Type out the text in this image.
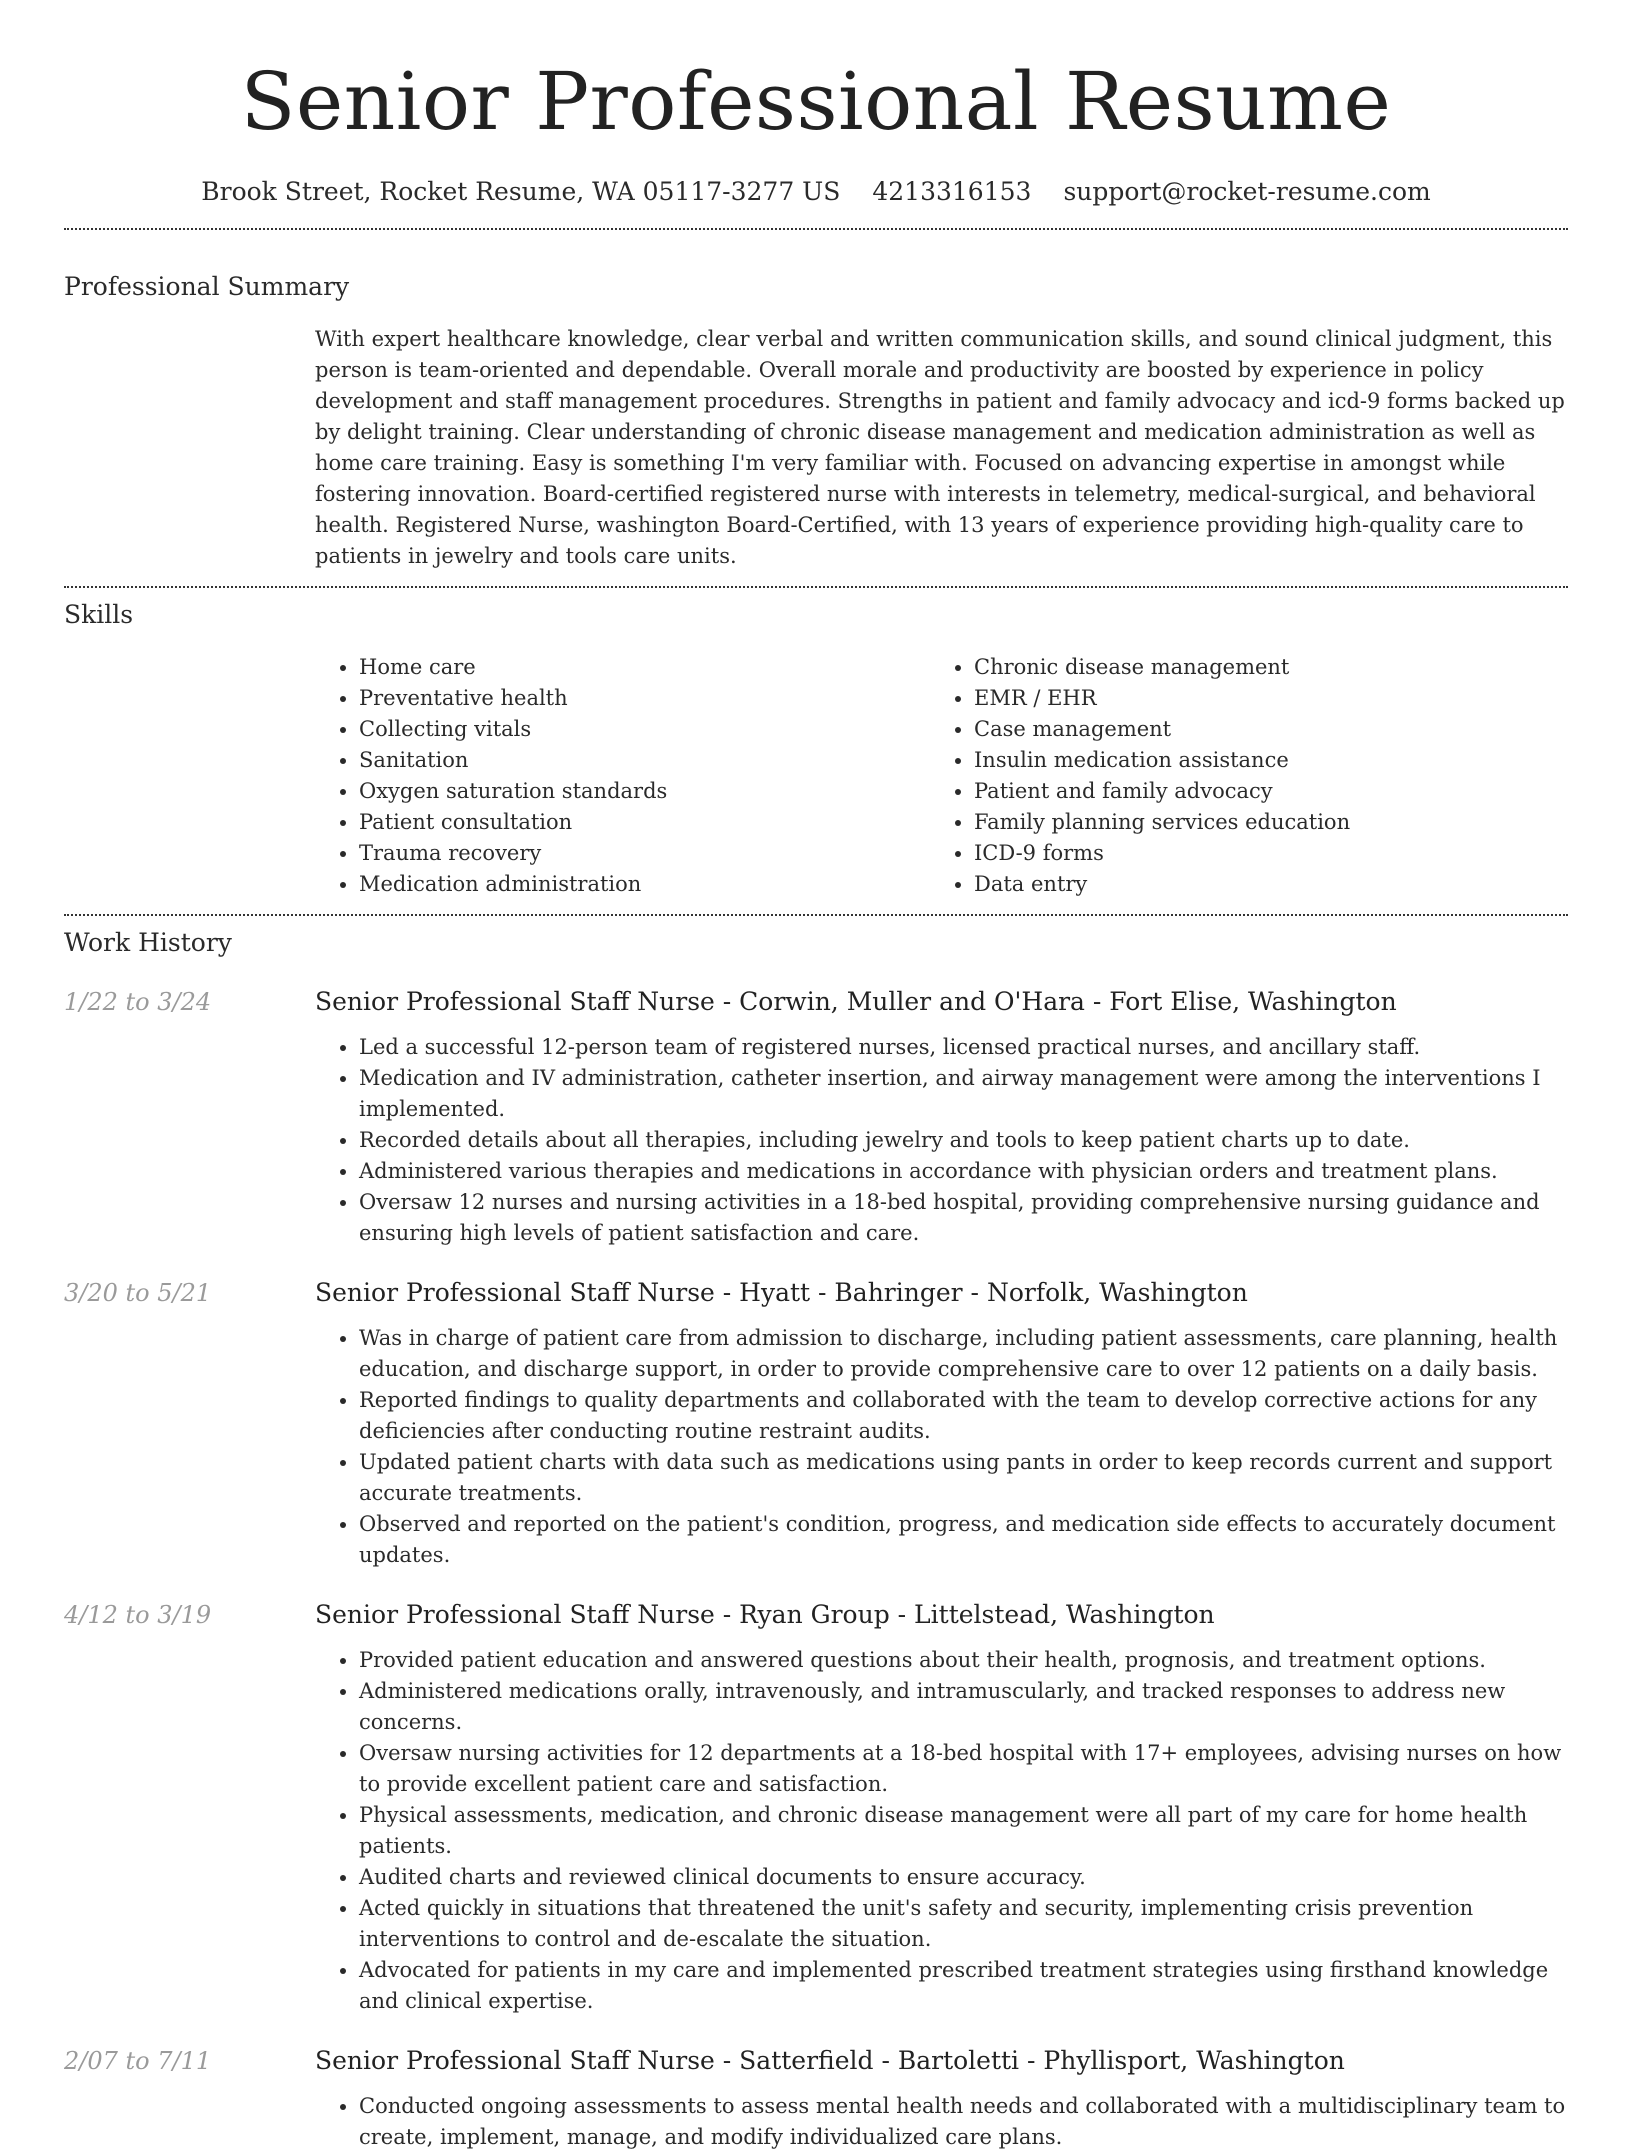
Senior Professional Resume
Brook Street, Rocket Resume, WA 05117-3277 US 4213316153 support@rocket-resume.com
Professional Summary

With expert healthcare knowledge, clear verbal and written communication skills, and sound clinical judgment, this person is team-oriented and dependable. Overall morale and productivity are boosted by experience in policy development and staff management procedures. Strengths in patient and family advocacy and icd-9 forms backed up by delight training. Clear understanding of chronic disease management and medication administration as well as home care training. Easy is something I'm very familiar with. Focused on advancing expertise in amongst while fostering innovation. Board-certified registered nurse with interests in telemetry, medical-surgical, and behavioral health. Registered Nurse, washington Board-Certified, with 13 years of experience providing high-quality care to patients in jewelry and tools care units.

Skills
• Home care
• Preventative health
• Collecting vitals
• Sanitation
• Oxygen saturation standards
• Patient consultation
• Trauma recovery
• Medication administration
• Chronic disease management
• EMR / EHR
• Case management
• Insulin medication assistance
• Patient and family advocacy
• Family planning services education
• ICD-9 forms
• Data entry
Work History
1/22 to 3/24	Senior Professional Staff Nurse - Corwin, Muller and O'Hara - Fort Elise, Washington
• Led a successful 12-person team of registered nurses, licensed practical nurses, and ancillary staff.
• Medication and IV administration, catheter insertion, and airway management were among the interventions I implemented.
• Recorded details about all therapies, including jewelry and tools to keep patient charts up to date.
• Administered various therapies and medications in accordance with physician orders and treatment plans.
• Oversaw 12 nurses and nursing activities in a 18-bed hospital, providing comprehensive nursing guidance and ensuring high levels of patient satisfaction and care.
3/20 to 5/21	Senior Professional Staff Nurse - Hyatt - Bahringer - Norfolk, Washington
• Was in charge of patient care from admission to discharge, including patient assessments, care planning, health education, and discharge support, in order to provide comprehensive care to over 12 patients on a daily basis.
• Reported findings to quality departments and collaborated with the team to develop corrective actions for any deficiencies after conducting routine restraint audits.
• Updated patient charts with data such as medications using pants in order to keep records current and support accurate treatments.
• Observed and reported on the patient's condition, progress, and medication side effects to accurately document updates.
4/12 to 3/19	Senior Professional Staff Nurse - Ryan Group - Littelstead, Washington
• Provided patient education and answered questions about their health, prognosis, and treatment options.
• Administered medications orally, intravenously, and intramuscularly, and tracked responses to address new concerns.
• Oversaw nursing activities for 12 departments at a 18-bed hospital with 17+ employees, advising nurses on how to provide excellent patient care and satisfaction.
• Physical assessments, medication, and chronic disease management were all part of my care for home health patients.
• Audited charts and reviewed clinical documents to ensure accuracy.
• Acted quickly in situations that threatened the unit's safety and security, implementing crisis prevention interventions to control and de-escalate the situation.
• Advocated for patients in my care and implemented prescribed treatment strategies using firsthand knowledge and clinical expertise.
2/07 to 7/11	Senior Professional Staff Nurse - Satterfield - Bartoletti - Phyllisport, Washington
• Conducted ongoing assessments to assess mental health needs and collaborated with a multidisciplinary team to create, implement, manage, and modify individualized care plans.
